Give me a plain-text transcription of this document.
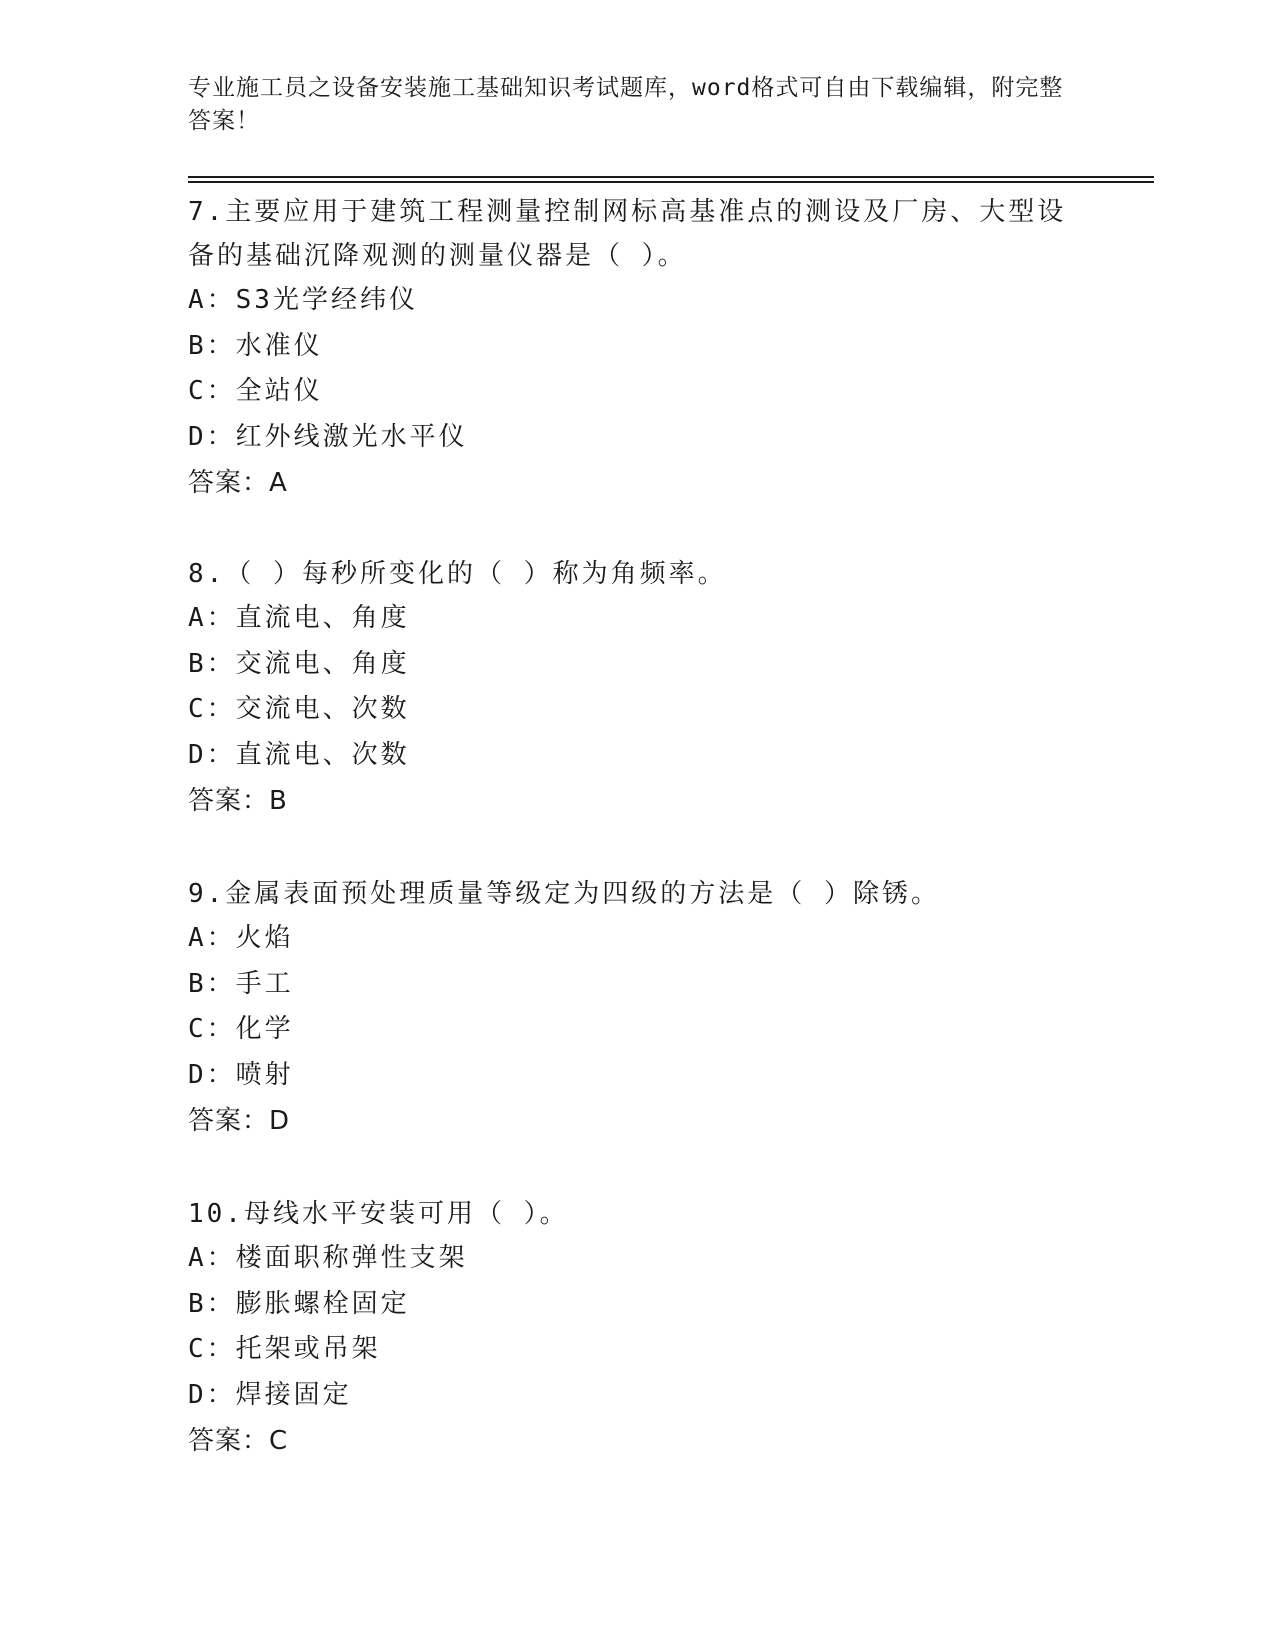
专业施工员之设备安装施工基础知识考试题库，word格式可自由下载编辑，附完整答案！
7.主要应用于建筑工程测量控制网标高基准点的测设及厂房、大型设备的基础沉降观测的测量仪器是（ ）。
A：S3光学经纬仪
B：水准仪
C：全站仪
D：红外线激光水平仪
答案：A
8.（ ）每秒所变化的（ ）称为角频率。
A：直流电、角度
B：交流电、角度
C：交流电、次数
D：直流电、次数
答案：B
9.金属表面预处理质量等级定为四级的方法是（ ）除锈。
A：火焰
B：手工
C：化学
D：喷射
答案：D
10.母线水平安装可用（ ）。
A：楼面职称弹性支架
B：膨胀螺栓固定
C：托架或吊架
D：焊接固定
答案：C
